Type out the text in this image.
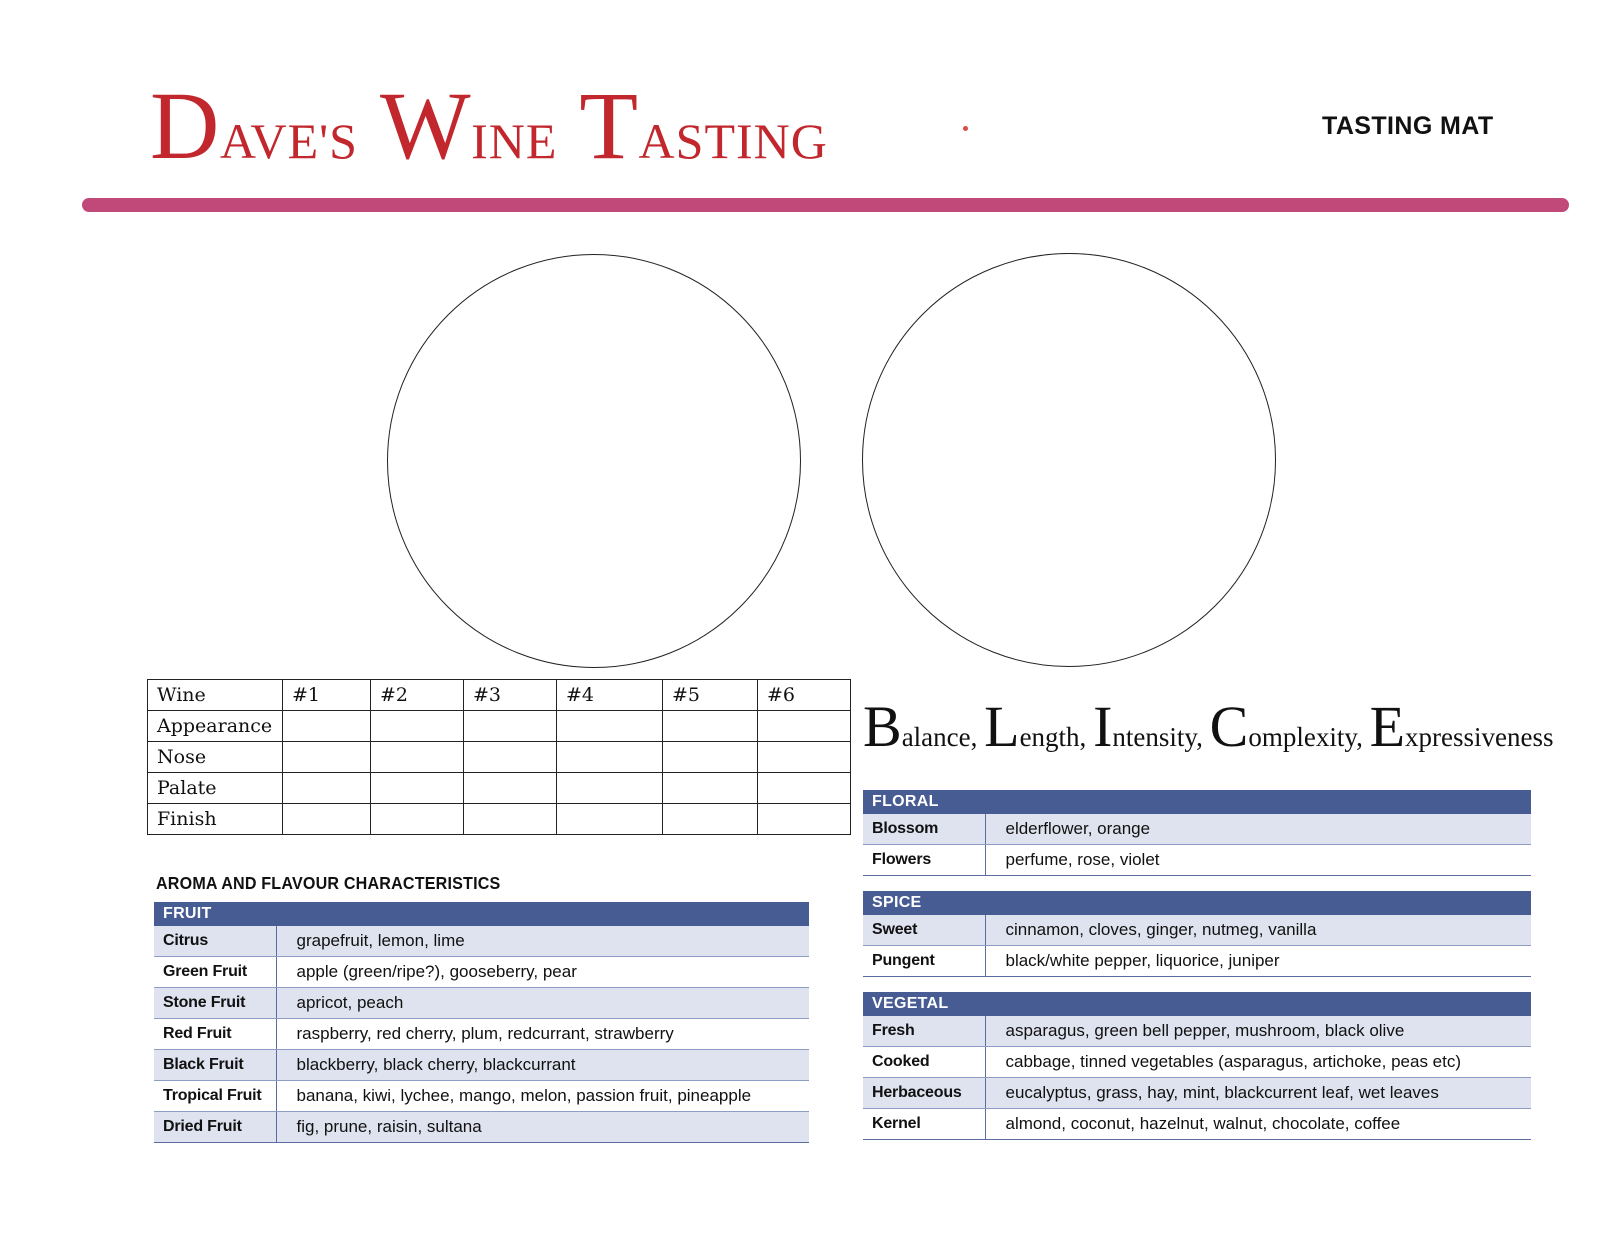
DAVE'S WINE TASTING	TASTING MAT
Wine	#1	#2	#3	#4	#5	#6
Appearance						
Nose						
Palate						
Finish						
Balance, Length, Intensity, Complexity, Expressiveness
AROMA AND FLAVOUR CHARACTERISTICS
FRUIT	
Citrus	grapefruit, lemon, lime
Green Fruit	apple (green/ripe?), gooseberry, pear
Stone Fruit	apricot, peach
Red Fruit	raspberry, red cherry, plum, redcurrant, strawberry
Black Fruit	blackberry, black cherry, blackcurrant
Tropical Fruit	banana, kiwi, lychee, mango, melon, passion fruit, pineapple
Dried Fruit	fig, prune, raisin, sultana
FLORAL	
Blossom	elderflower, orange
Flowers	perfume, rose, violet
SPICE	
Sweet	cinnamon, cloves, ginger, nutmeg, vanilla
Pungent	black/white pepper, liquorice, juniper
VEGETAL	
Fresh	asparagus, green bell pepper, mushroom, black olive
Cooked	cabbage, tinned vegetables (asparagus, artichoke, peas etc)
Herbaceous	eucalyptus, grass, hay, mint, blackcurrent leaf, wet leaves
Kernel	almond, coconut, hazelnut, walnut, chocolate, coffee
